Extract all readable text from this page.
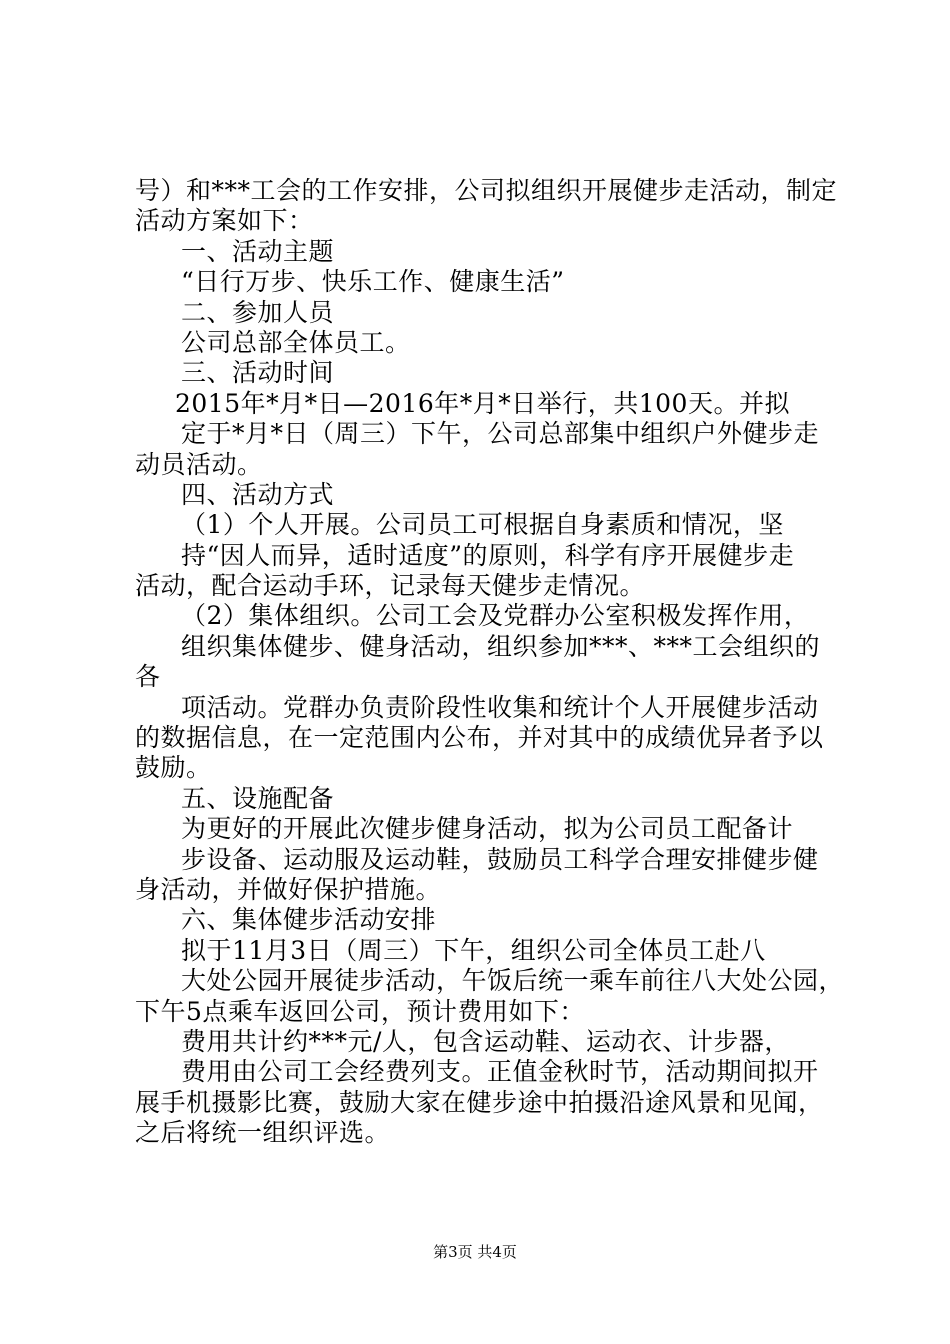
号）和***工会的工作安排，公司拟组织开展健步走活动，制定
活动方案如下：
一、活动主题
“日行万步、快乐工作、健康生活”
二、参加人员
公司总部全体员工。
三、活动时间
2015年*月*日—2016年*月*日举行，共100天。并拟
定于*月*日（周三）下午，公司总部集中组织户外健步走
动员活动。
四、活动方式
（1）个人开展。公司员工可根据自身素质和情况，坚
持“因人而异，适时适度”的原则，科学有序开展健步走
活动，配合运动手环，记录每天健步走情况。
（2）集体组织。公司工会及党群办公室积极发挥作用，
组织集体健步、健身活动，组织参加***、***工会组织的
各
项活动。党群办负责阶段性收集和统计个人开展健步活动
的数据信息，在一定范围内公布，并对其中的成绩优异者予以
鼓励。
五、设施配备
为更好的开展此次健步健身活动，拟为公司员工配备计
步设备、运动服及运动鞋，鼓励员工科学合理安排健步健
身活动，并做好保护措施。
六、集体健步活动安排
拟于11月3日（周三）下午，组织公司全体员工赴八
大处公园开展徒步活动，午饭后统一乘车前往八大处公园，
下午5点乘车返回公司，预计费用如下：
费用共计约***元/人，包含运动鞋、运动衣、计步器，
费用由公司工会经费列支。正值金秋时节，活动期间拟开
展手机摄影比赛，鼓励大家在健步途中拍摄沿途风景和见闻，
之后将统一组织评选。
第3页 共4页
